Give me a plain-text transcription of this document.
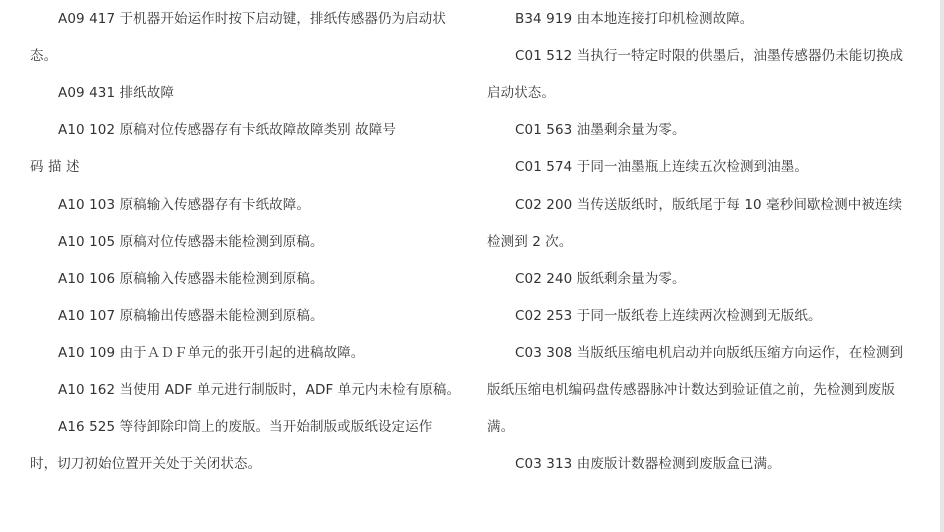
A09 417 于机器开始运作时按下启动键，排纸传感器仍为启动状
态。
A09 431 排纸故障
A10 102 原稿对位传感器存有卡纸故障故障类别 故障号
码 描 述
A10 103 原稿输入传感器存有卡纸故障。
A10 105 原稿对位传感器未能检测到原稿。
A10 106 原稿输入传感器未能检测到原稿。
A10 107 原稿输出传感器未能检测到原稿。
A10 109 由于ＡＤＦ单元的张开引起的进稿故障。
A10 162 当使用 ADF 单元进行制版时，ADF 单元内未检有原稿。
A16 525 等待卸除印筒上的废版。当开始制版或版纸设定运作
时，切刀初始位置开关处于关闭状态。
B34 919 由本地连接打印机检测故障。
C01 512 当执行一特定时限的供墨后，油墨传感器仍未能切换成
启动状态。
C01 563 油墨剩余量为零。
C01 574 于同一油墨瓶上连续五次检测到油墨。
C02 200 当传送版纸时，版纸尾于每 10 毫秒间歇检测中被连续
检测到 2 次。
C02 240 版纸剩余量为零。
C02 253 于同一版纸卷上连续两次检测到无版纸。
C03 308 当版纸压缩电机启动并向版纸压缩方向运作，在检测到
版纸压缩电机编码盘传感器脉冲计数达到验证值之前，先检测到废版
满。
C03 313 由废版计数器检测到废版盒已满。
